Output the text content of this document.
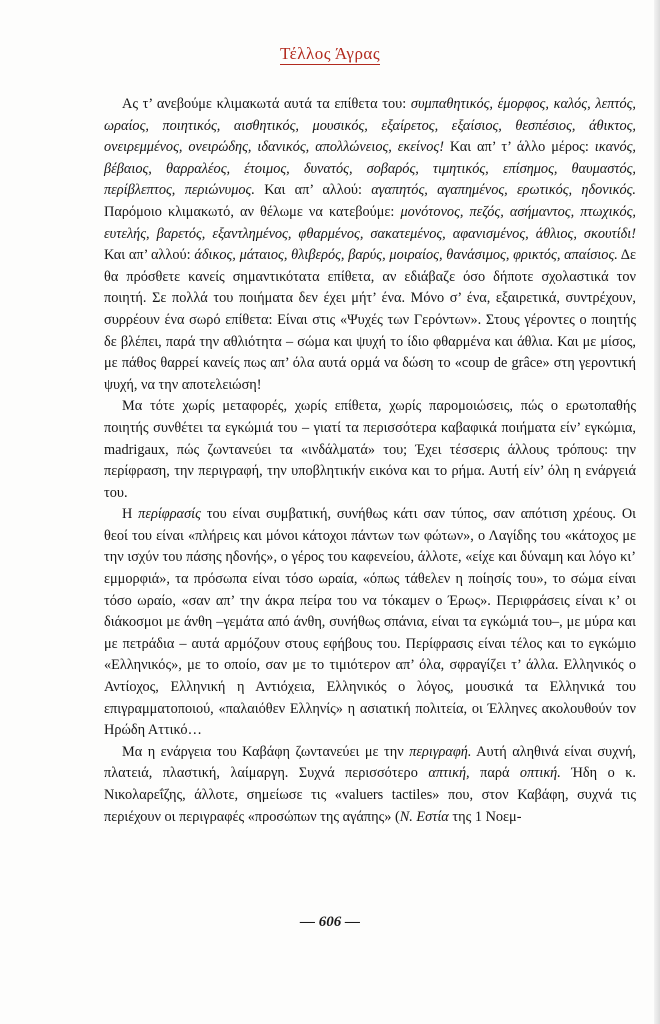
Τέλλος Άγρας

Ας τ’ ανεβούμε κλιμακωτά αυτά τα επίθετα του: συμπαθητικός, έμορφος, καλός, λεπτός, ωραίος, ποιητικός, αισθητικός, μουσικός, εξαίρετος, εξαίσιος, θεσπέσιος, άθικτος, ονειρεμμένος, ονειρώδης, ιδανικός, απολλώνειος, εκείνος! Και απ’ τ’ άλλο μέρος: ικανός, βέβαιος, θαρραλέος, έτοιμος, δυνατός, σοβαρός, τιμητικός, επίσημος, θαυμαστός, περίβλεπτος, περιώνυμος. Και απ’ αλλού: αγαπητός, αγαπημένος, ερωτικός, ηδονικός. Παρόμοιο κλιμακωτό, αν θέλωμε να κατεβούμε: μονότονος, πεζός, ασήμαντος, πτωχικός, ευτελής, βαρετός, εξαντλημένος, φθαρμένος, σακατεμένος, αφανισμένος, άθλιος, σκουτίδι! Και απ’ αλλού: άδικος, μάταιος, θλιβερός, βαρύς, μοιραίος, θανάσιμος, φρικτός, απαίσιος. Δε θα πρόσθετε κανείς σημαντικότατα επίθετα, αν εδιάβαζε όσο δήποτε σχολαστικά τον ποιητή. Σε πολλά του ποιήματα δεν έχει μήτ’ ένα. Μόνο σ’ ένα, εξαιρετικά, συντρέχουν, συρρέουν ένα σωρό επίθετα: Είναι στις «Ψυχές των Γερόντων». Στους γέροντες ο ποιητής δε βλέπει, παρά την αθλιότητα – σώμα και ψυχή το ίδιο φθαρμένα και άθλια. Και με μίσος, με πάθος θαρρεί κανείς πως απ’ όλα αυτά ορμά να δώση το «coup de grâce» στη γεροντική ψυχή, να την αποτελειώση!

Μα τότε χωρίς μεταφορές, χωρίς επίθετα, χωρίς παρομοιώσεις, πώς ο ερωτοπαθής ποιητής συνθέτει τα εγκώμιά του – γιατί τα περισσότερα καβαφικά ποιήματα είν’ εγκώμια, madrigaux, πώς ζωντανεύει τα «ινδάλματά» του; Έχει τέσσερις άλλους τρόπους: την περίφραση, την περιγραφή, την υποβλητικήν εικόνα και το ρήμα. Αυτή είν’ όλη η ενάργειά του.

Η περίφρασίς του είναι συμβατική, συνήθως κάτι σαν τύπος, σαν απότιση χρέους. Οι θεοί του είναι «πλήρεις και μόνοι κάτοχοι πάντων των φώτων», ο Λαγίδης του «κάτοχος με την ισχύν του πάσης ηδονής», ο γέρος του καφενείου, άλλοτε, «είχε και δύναμη και λόγο κι’ εμμορφιά», τα πρόσωπα είναι τόσο ωραία, «όπως τάθελεν η ποίησίς του», το σώμα είναι τόσο ωραίο, «σαν απ’ την άκρα πείρα του να τόκαμεν ο Έρως». Περιφράσεις είναι κ’ οι διάκοσμοι με άνθη –γεμάτα από άνθη, συνήθως σπάνια, είναι τα εγκώμιά του–, με μύρα και με πετράδια – αυτά αρμόζουν στους εφήβους του. Περίφρασις είναι τέλος και το εγκώμιο «Ελληνικός», με το οποίο, σαν με το τιμιότερον απ’ όλα, σφραγίζει τ’ άλλα. Ελληνικός ο Αντίοχος, Ελληνική η Αντιόχεια, Ελληνικός ο λόγος, μουσικά τα Ελληνικά του επιγραμματοποιού, «παλαιόθεν Ελληνίς» η ασιατική πολιτεία, οι Έλληνες ακολουθούν τον Ηρώδη Αττικό…

Μα η ενάργεια του Καβάφη ζωντανεύει με την περιγραφή. Αυτή αληθινά είναι συχνή, πλατειά, πλαστική, λαίμαργη. Συχνά περισσότερο απτική, παρά οπτική. Ήδη ο κ. Νικολαρεΐζης, άλλοτε, σημείωσε τις «valuers tactiles» που, στον Καβάφη, συχνά τις περιέχουν οι περιγραφές «προσώπων της αγάπης» (Ν. Εστία της 1 Νοεμ-

— 606 —
